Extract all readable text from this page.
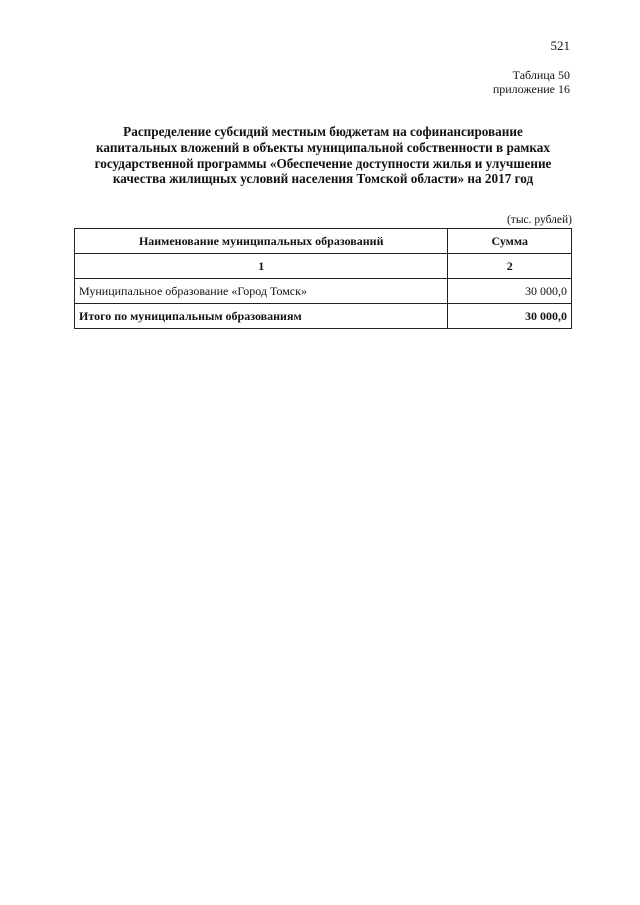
521
Таблица 50
приложение 16
Распределение субсидий местным бюджетам на софинансирование
капитальных вложений в объекты муниципальной собственности в рамках
государственной программы «Обеспечение доступности жилья и улучшение
качества жилищных условий населения Томской области» на 2017 год
(тыс. рублей)
Наименование муниципальных образований	Сумма
1	2
Муниципальное образование «Город Томск»	30 000,0
Итого по муниципальным образованиям	30 000,0
